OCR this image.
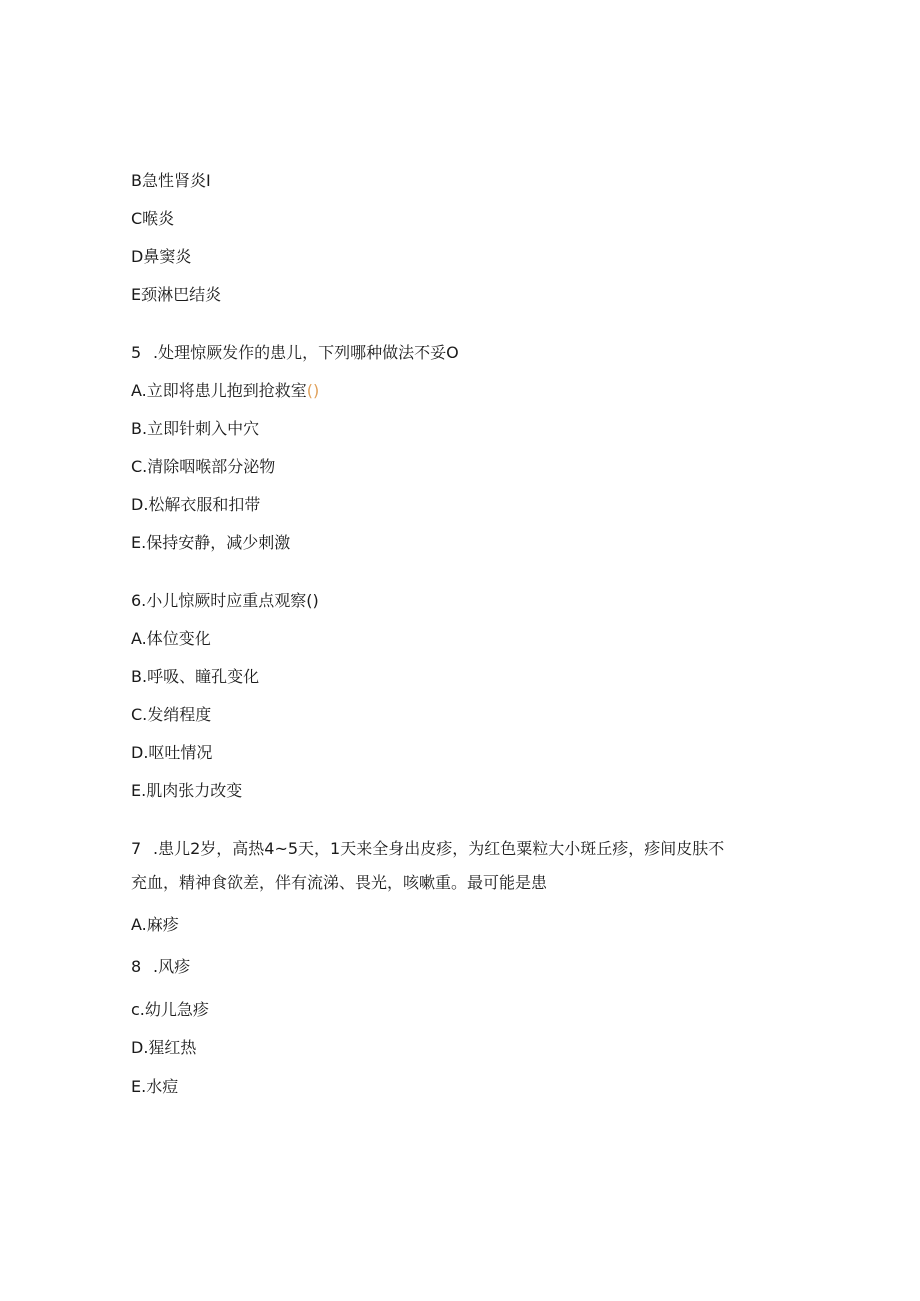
B急性肾炎I
C喉炎
D鼻窦炎
E颈淋巴结炎
5 .处理惊厥发作的患儿，下列哪种做法不妥O
A.立即将患儿抱到抢救室()
B.立即针刺入中穴
C.清除咽喉部分泌物
D.松解衣服和扣带
E.保持安静，减少刺激
6.小儿惊厥时应重点观察()
A.体位变化
B.呼吸、瞳孔变化
C.发绡程度
D.呕吐情况
E.肌肉张力改变
7 .患儿2岁，高热4~5天，1天来全身出皮疹，为红色粟粒大小斑丘疹，疹间皮肤不
充血，精神食欲差，伴有流涕、畏光，咳嗽重。最可能是患
A.麻疹
8 .风疹
c.幼儿急疹
D.猩红热
E.水痘
